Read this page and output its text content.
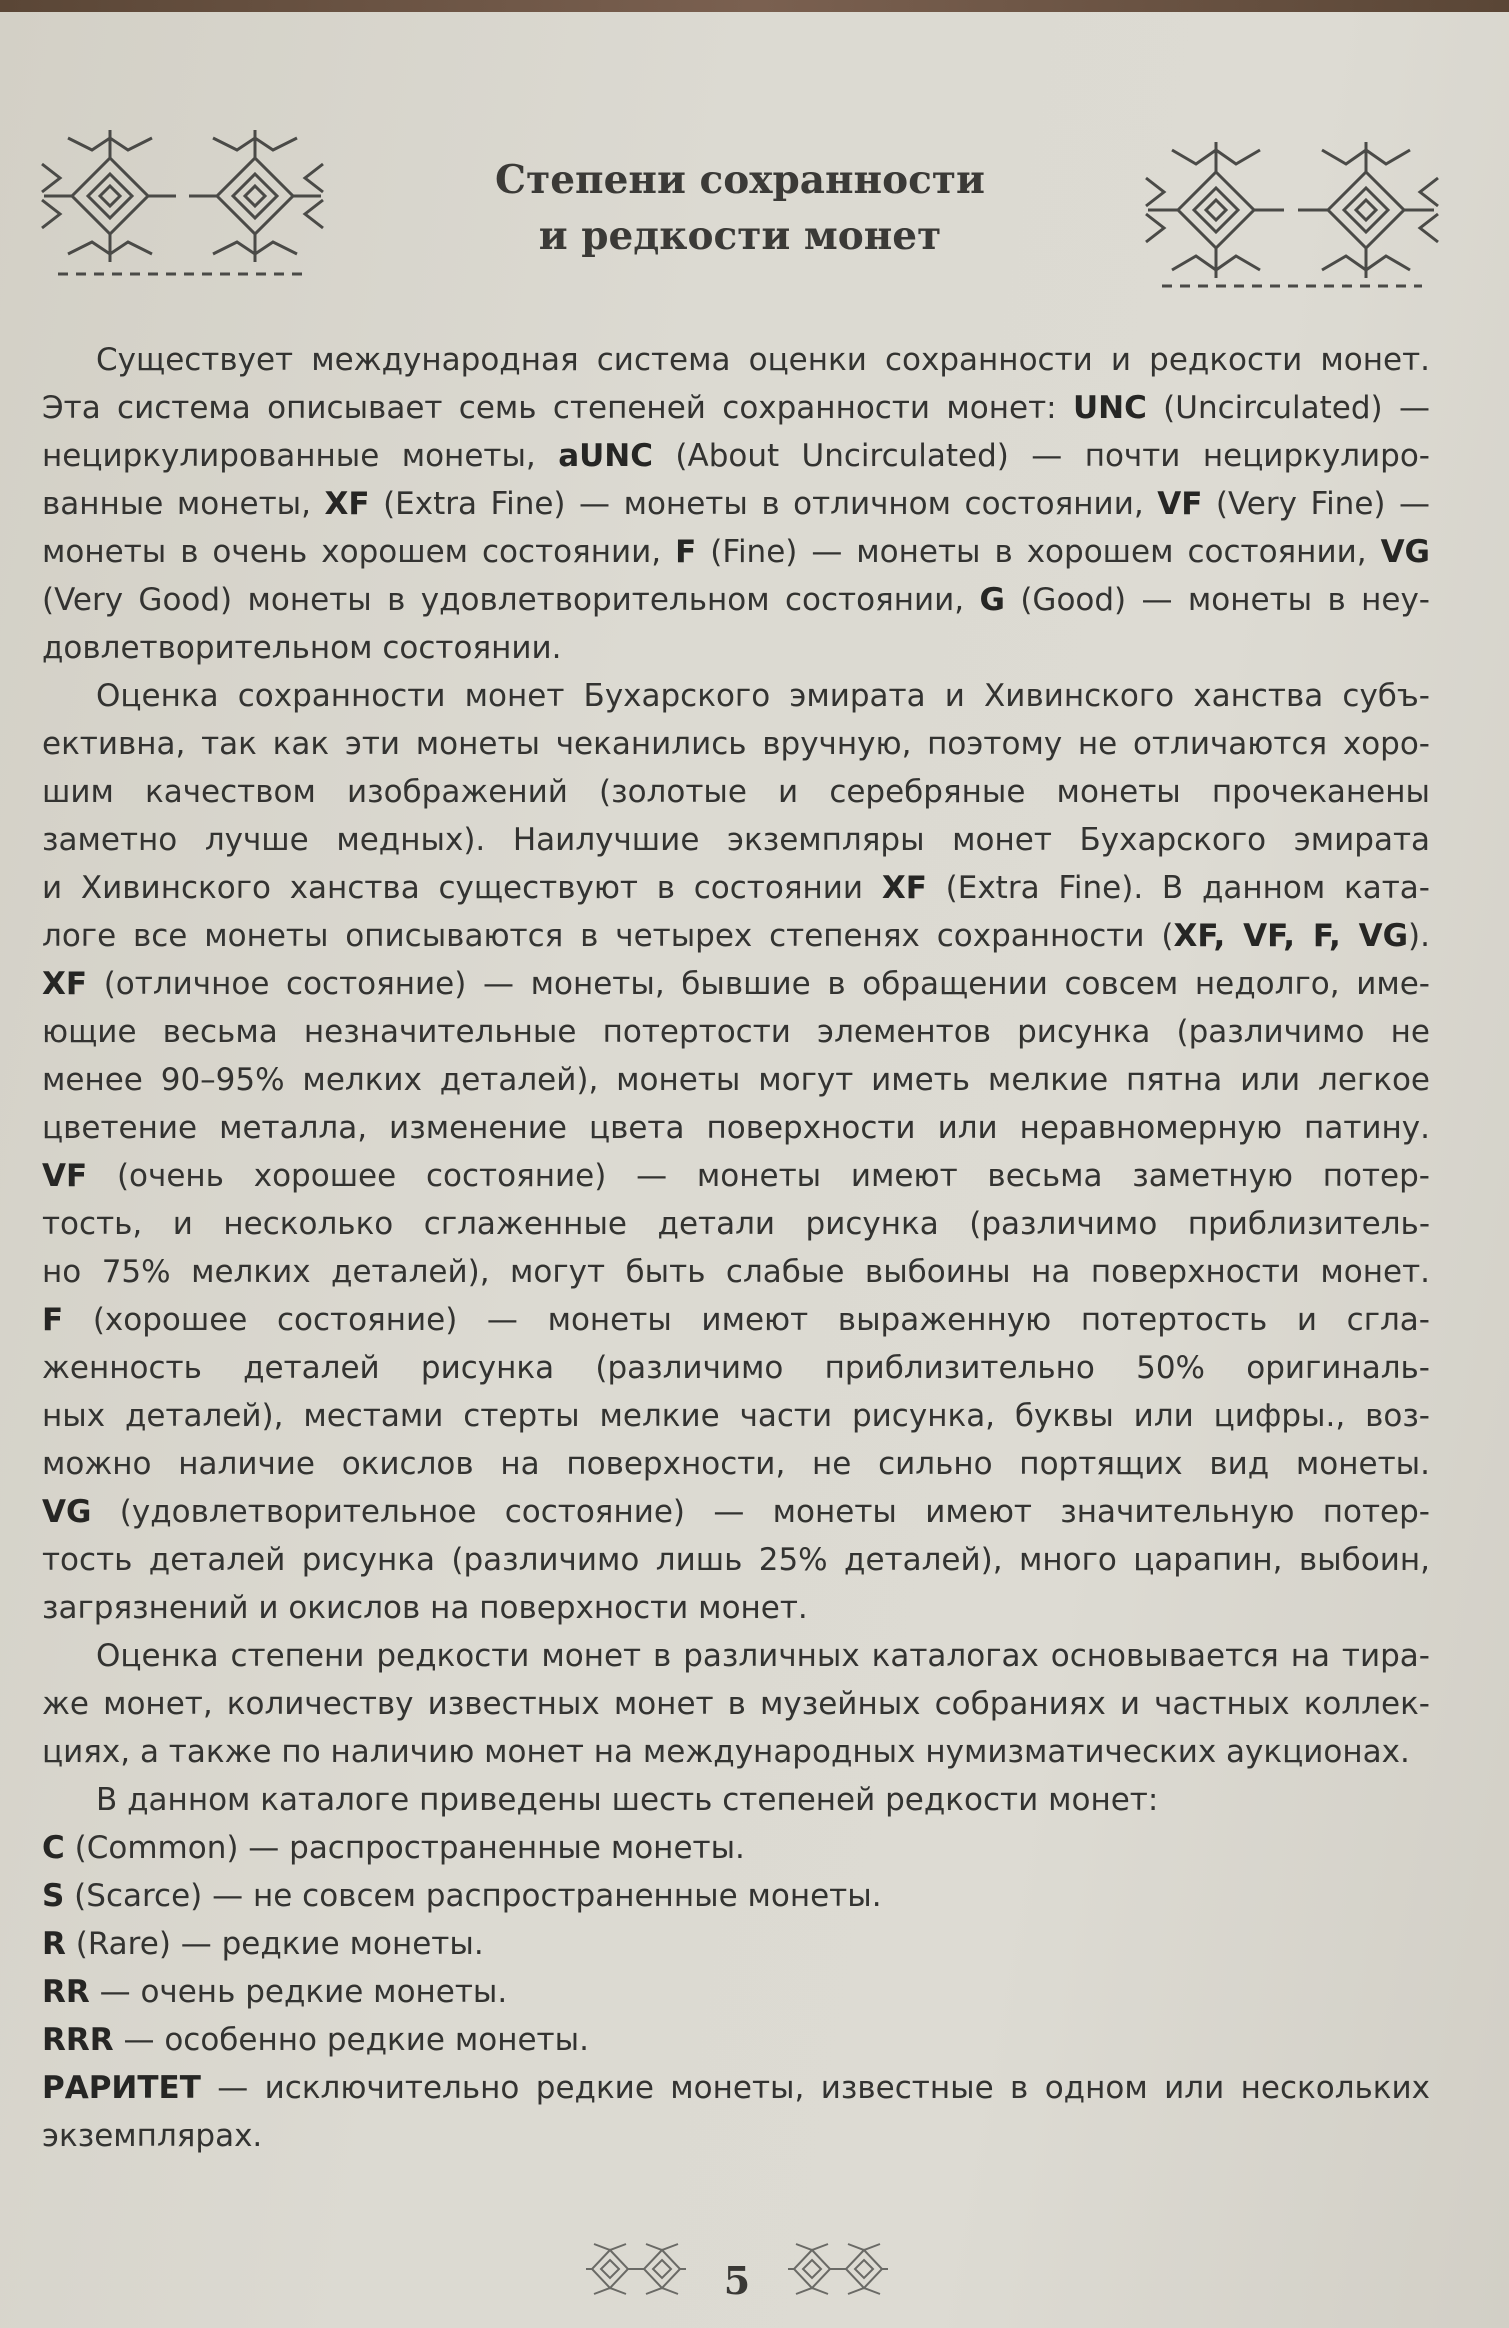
Степени сохранности
и редкости монет
Существует международная система оценки сохранности и редкости монет.
Эта система описывает семь степеней сохранности монет: UNC (Uncirculated) —
нециркулированные монеты, aUNC (About Uncirculated) — почти нециркулиро-
ванные монеты, XF (Extra Fine) — монеты в отличном состоянии, VF (Very Fine) —
монеты в очень хорошем состоянии, F (Fine) — монеты в хорошем состоянии, VG
(Very Good) монеты в удовлетворительном состоянии, G (Good) — монеты в неу-
довлетворительном состоянии.
Оценка сохранности монет Бухарского эмирата и Хивинского ханства субъ-
ективна, так как эти монеты чеканились вручную, поэтому не отличаются хоро-
шим качеством изображений (золотые и серебряные монеты прочеканены
заметно лучше медных). Наилучшие экземпляры монет Бухарского эмирата
и Хивинского ханства существуют в состоянии XF (Extra Fine). В данном ката-
логе все монеты описываются в четырех степенях сохранности (XF, VF, F, VG).
XF (отличное состояние) — монеты, бывшие в обращении совсем недолго, име-
ющие весьма незначительные потертости элементов рисунка (различимо не
менее 90–95% мелких деталей), монеты могут иметь мелкие пятна или легкое
цветение металла, изменение цвета поверхности или неравномерную патину.
VF (очень хорошее состояние) — монеты имеют весьма заметную потер-
тость, и несколько сглаженные детали рисунка (различимо приблизитель-
но 75% мелких деталей), могут быть слабые выбоины на поверхности монет.
F (хорошее состояние) — монеты имеют выраженную потертость и сгла-
женность деталей рисунка (различимо приблизительно 50% оригиналь-
ных деталей), местами стерты мелкие части рисунка, буквы или цифры., воз-
можно наличие окислов на поверхности, не сильно портящих вид монеты.
VG (удовлетворительное состояние) — монеты имеют значительную потер-
тость деталей рисунка (различимо лишь 25% деталей), много царапин, выбоин,
загрязнений и окислов на поверхности монет.
Оценка степени редкости монет в различных каталогах основывается на тира-
же монет, количеству известных монет в музейных собраниях и частных коллек-
циях, а также по наличию монет на международных нумизматических аукционах.
В данном каталоге приведены шесть степеней редкости монет:
C (Common) — распространенные монеты.
S (Scarce) — не совсем распространенные монеты.
R (Rare) — редкие монеты.
RR — очень редкие монеты.
RRR — особенно редкие монеты.
РАРИТЕТ — исключительно редкие монеты, известные в одном или нескольких
экземплярах.
5
